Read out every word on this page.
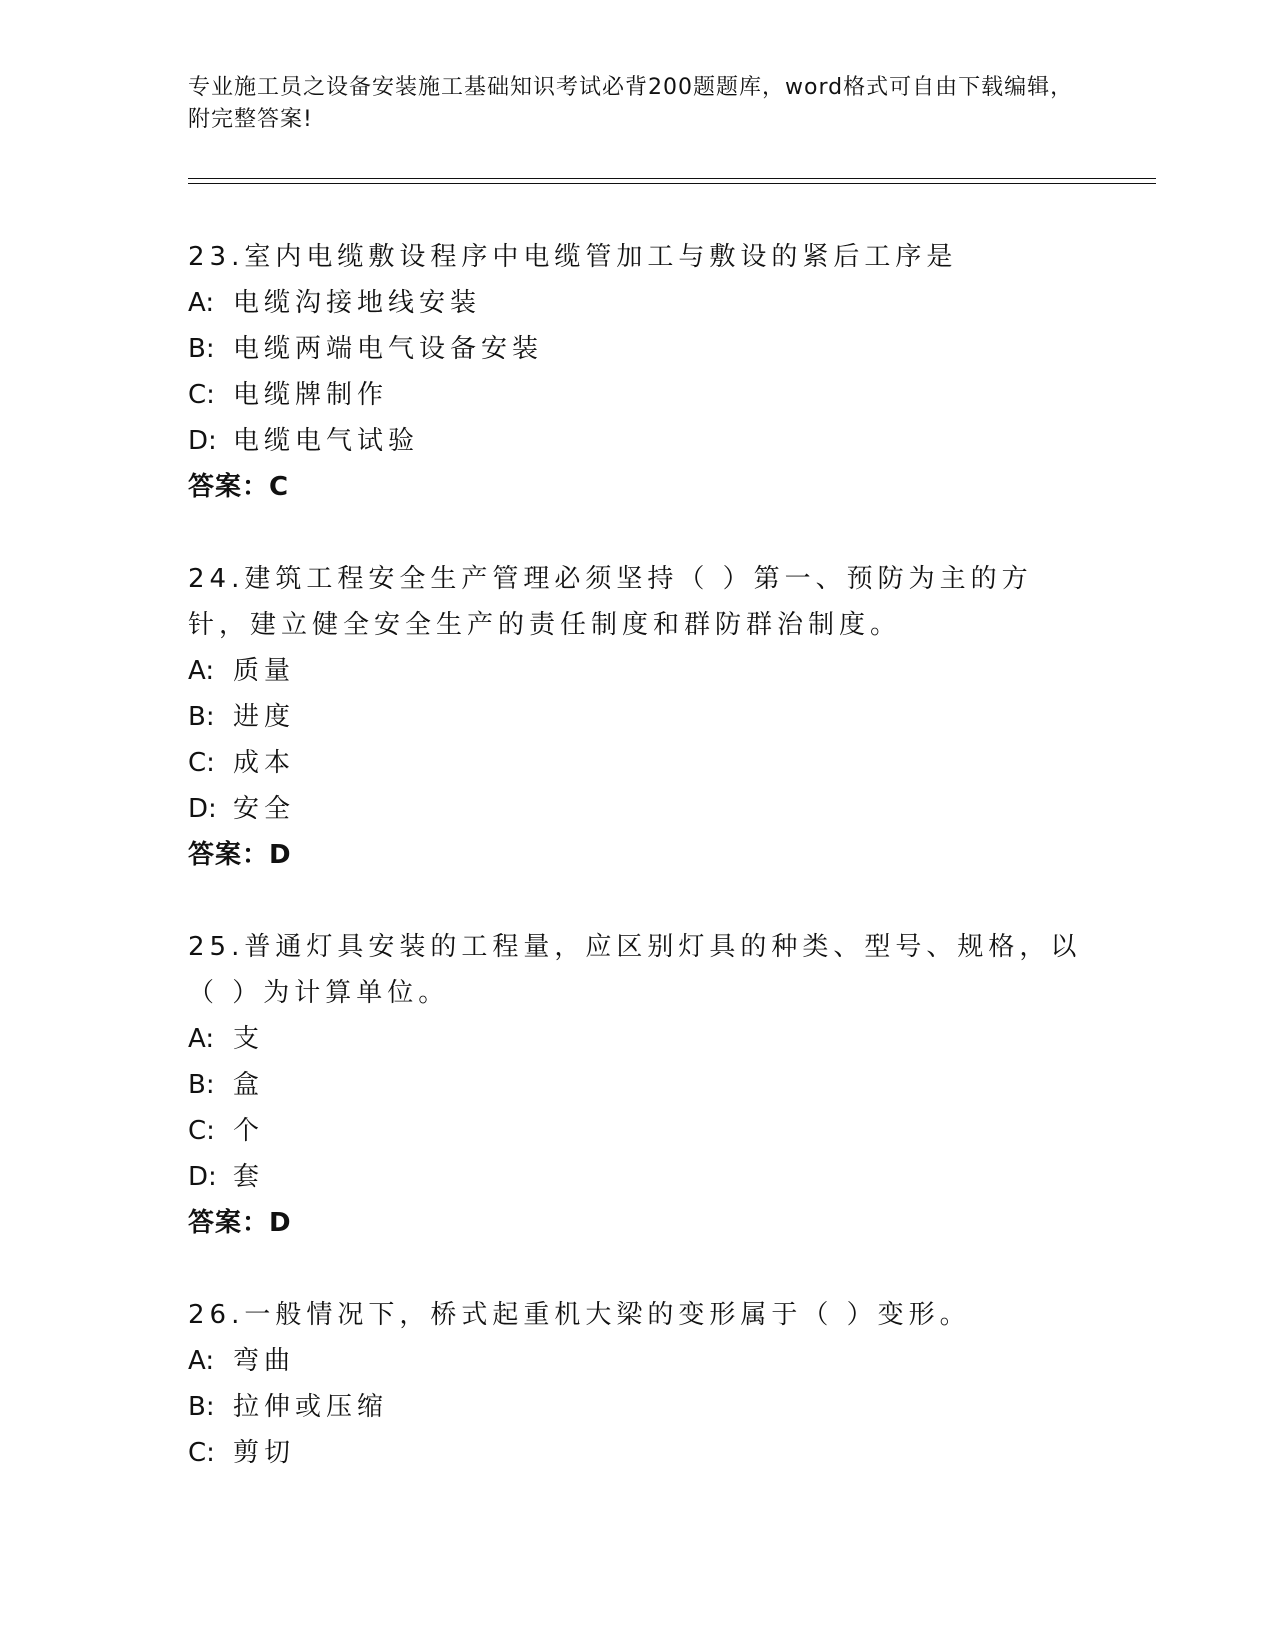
专业施工员之设备安装施工基础知识考试必背200题题库，word格式可自由下载编辑，附完整答案!

23.室内电缆敷设程序中电缆管加工与敷设的紧后工序是

A: 电缆沟接地线安装

B: 电缆两端电气设备安装

C: 电缆牌制作

D: 电缆电气试验

答案：C

24.建筑工程安全生产管理必须坚持（ ）第一、预防为主的方针，建立健全安全生产的责任制度和群防群治制度。

A: 质量

B: 进度

C: 成本

D: 安全

答案：D

25.普通灯具安装的工程量，应区别灯具的种类、型号、规格，以（ ）为计算单位。

A: 支

B: 盒

C: 个

D: 套

答案：D

26.一般情况下，桥式起重机大梁的变形属于（ ）变形。

A: 弯曲

B: 拉伸或压缩

C: 剪切
